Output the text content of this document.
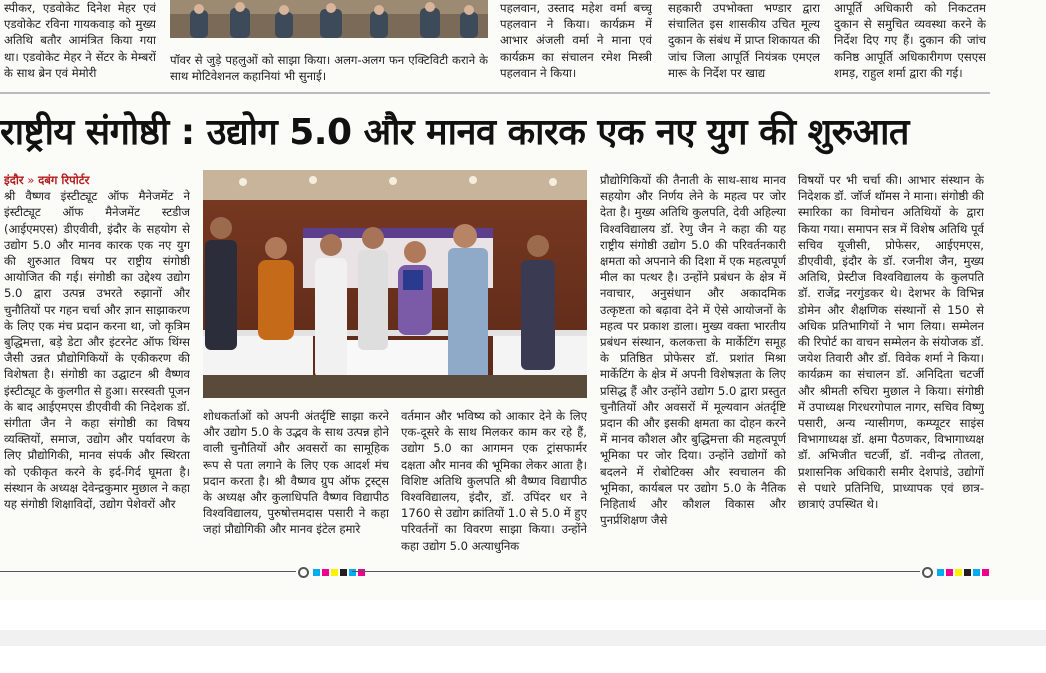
स्पीकर, एडवोकेट दिनेश मेहर एवं एडवोकेट रविना गायकवाड़ को मुख्य अतिथि बतौर आमंत्रित किया गया था। एडवोकेट मेहर ने सेंटर के मेम्बरों के साथ ब्रेन एवं मेमोरी

पॉवर से जुड़े पहलुओं को साझा किया। अलग-अलग फन एक्टिविटी कराने के साथ मोटिवेशनल कहानियां भी सुनाई।

पहलवान, उस्ताद महेश वर्मा बच्चू पहलवान ने किया। कार्यक्रम में आभार अंजली वर्मा ने माना एवं कार्यक्रम का संचालन रमेश मिस्त्री पहलवान ने किया।

सहकारी उपभोक्ता भण्डार द्वारा संचालित इस शासकीय उचित मूल्य दुकान के संबंध में प्राप्त शिकायत की जांच जिला आपूर्ति नियंत्रक एमएल मारू के निर्देश पर खाद्य

आपूर्ति अधिकारी को निकटतम दुकान से समुचित व्यवस्था करने के निर्देश दिए गए हैं। दुकान की जांच कनिष्ठ आपूर्ति अधिकारीगण एसएस शमड़, राहुल शर्मा द्वारा की गई।

राष्ट्रीय संगोष्ठी : उद्योग 5.0 और मानव कारक एक नए युग की शुरुआत

इंदौर » दबंग रिपोर्टर

श्री वैष्णव इंस्टीट्यूट ऑफ मैनेजमेंट ने इंस्टीट्यूट ऑफ मैनेजमेंट स्टडीज (आईएमएस) डीएवीवी, इंदौर के सहयोग से उद्योग 5.0 और मानव कारक एक नए युग की शुरुआत विषय पर राष्ट्रीय संगोष्ठी आयोजित की गई। संगोष्ठी का उद्देश्य उद्योग 5.0 द्वारा उत्पन्न उभरते रुझानों और चुनौतियों पर गहन चर्चा और ज्ञान साझाकरण के लिए एक मंच प्रदान करना था, जो कृत्रिम बुद्धिमत्ता, बड़े डेटा और इंटरनेट ऑफ थिंग्स जैसी उन्नत प्रौद्योगिकियों के एकीकरण की विशेषता है। संगोष्ठी का उद्घाटन श्री वैष्णव इंस्टीट्यूट के कुलगीत से हुआ। सरस्वती पूजन के बाद आईएमएस डीएवीवी की निदेशक डॉ. संगीता जैन ने कहा संगोष्ठी का विषय व्यक्तियों, समाज, उद्योग और पर्यावरण के लिए प्रौद्योगिकी, मानव संपर्क और स्थिरता को एकीकृत करने के इर्द-गिर्द घूमता है। संस्थान के अध्यक्ष देवेन्द्रकुमार मुछाल ने कहा यह संगोष्ठी शिक्षाविदों, उद्योग पेशेवरों और

शोधकर्ताओं को अपनी अंतर्दृष्टि साझा करने और उद्योग 5.0 के उद्भव के साथ उत्पन्न होने वाली चुनौतियों और अवसरों का सामूहिक रूप से पता लगाने के लिए एक आदर्श मंच प्रदान करता है। श्री वैष्णव ग्रुप ऑफ ट्रस्ट्स के अध्यक्ष और कुलाधिपति वैष्णव विद्यापीठ विश्वविद्यालय, पुरुषोत्तमदास पसारी ने कहा जहां प्रौद्योगिकी और मानव इंटेल हमारे

वर्तमान और भविष्य को आकार देने के लिए एक-दूसरे के साथ मिलकर काम कर रहे हैं, उद्योग 5.0 का आगमन एक ट्रांसफार्मर दक्षता और मानव की भूमिका लेकर आता है। विशिष्ट अतिथि कुलपति श्री वैष्णव विद्यापीठ विश्वविद्यालय, इंदौर, डॉ. उपिंदर धर ने 1760 से उद्योग क्रांतियों 1.0 से 5.0 में हुए परिवर्तनों का विवरण साझा किया। उन्होंने कहा उद्योग 5.0 अत्याधुनिक

प्रौद्योगिकियों की तैनाती के साथ-साथ मानव सहयोग और निर्णय लेने के महत्व पर जोर देता है। मुख्य अतिथि कुलपति, देवी अहिल्या विश्वविद्यालय डॉ. रेणु जैन ने कहा की यह राष्ट्रीय संगोष्ठी उद्योग 5.0 की परिवर्तनकारी क्षमता को अपनाने की दिशा में एक महत्वपूर्ण मील का पत्थर है। उन्होंने प्रबंधन के क्षेत्र में नवाचार, अनुसंधान और अकादमिक उत्कृष्टता को बढ़ावा देने में ऐसे आयोजनों के महत्व पर प्रकाश डाला। मुख्य वक्ता भारतीय प्रबंधन संस्थान, कलकत्ता के मार्केटिंग समूह के प्रतिष्ठित प्रोफेसर डॉ. प्रशांत मिश्रा मार्केटिंग के क्षेत्र में अपनी विशेषज्ञता के लिए प्रसिद्ध हैं और उन्होंने उद्योग 5.0 द्वारा प्रस्तुत चुनौतियों और अवसरों में मूल्यवान अंतर्दृष्टि प्रदान की और इसकी क्षमता का दोहन करने में मानव कौशल और बुद्धिमत्ता की महत्वपूर्ण भूमिका पर जोर दिया। उन्होंने उद्योगों को बदलने में रोबोटिक्स और स्वचालन की भूमिका, कार्यबल पर उद्योग 5.0 के नैतिक निहितार्थ और कौशल विकास और पुनर्प्रशिक्षण जैसे

विषयों पर भी चर्चा की। आभार संस्थान के निदेशक डॉ. जॉर्ज थॉमस ने माना। संगोष्ठी की स्मारिका का विमोचन अतिथियों के द्वारा किया गया। समापन सत्र में विशेष अतिथि पूर्व सचिव यूजीसी, प्रोफेसर, आईएमएस, डीएवीवी, इंदौर के डॉ. रजनीश जैन, मुख्य अतिथि, प्रेस्टीज विश्वविद्यालय के कुलपति डॉ. राजेंद्र नरगुंडकर थे। देशभर के विभिन्न डोमेन और शैक्षणिक संस्थानों से 150 से अधिक प्रतिभागियों ने भाग लिया। सम्मेलन की रिपोर्ट का वाचन सम्मेलन के संयोजक डॉ. जयेश तिवारी और डॉ. विवेक शर्मा ने किया। कार्यक्रम का संचालन डॉ. अनिदिता चटर्जी और श्रीमती रुचिरा मुछाल ने किया। संगोष्ठी में उपाध्यक्ष गिरधरगोपाल नागर, सचिव विष्णु पसारी, अन्य न्यासीगण, कम्प्यूटर साइंस विभागाध्यक्ष डॉ. क्षमा पैठणकर, विभागाध्यक्ष डॉ. अभिजीत चटर्जी, डॉ. नवीन्द्र तोतला, प्रशासनिक अधिकारी समीर देशपांडे, उद्योगों से पधारे प्रतिनिधि, प्राध्यापक एवं छात्र-छात्राएं उपस्थित थे।
